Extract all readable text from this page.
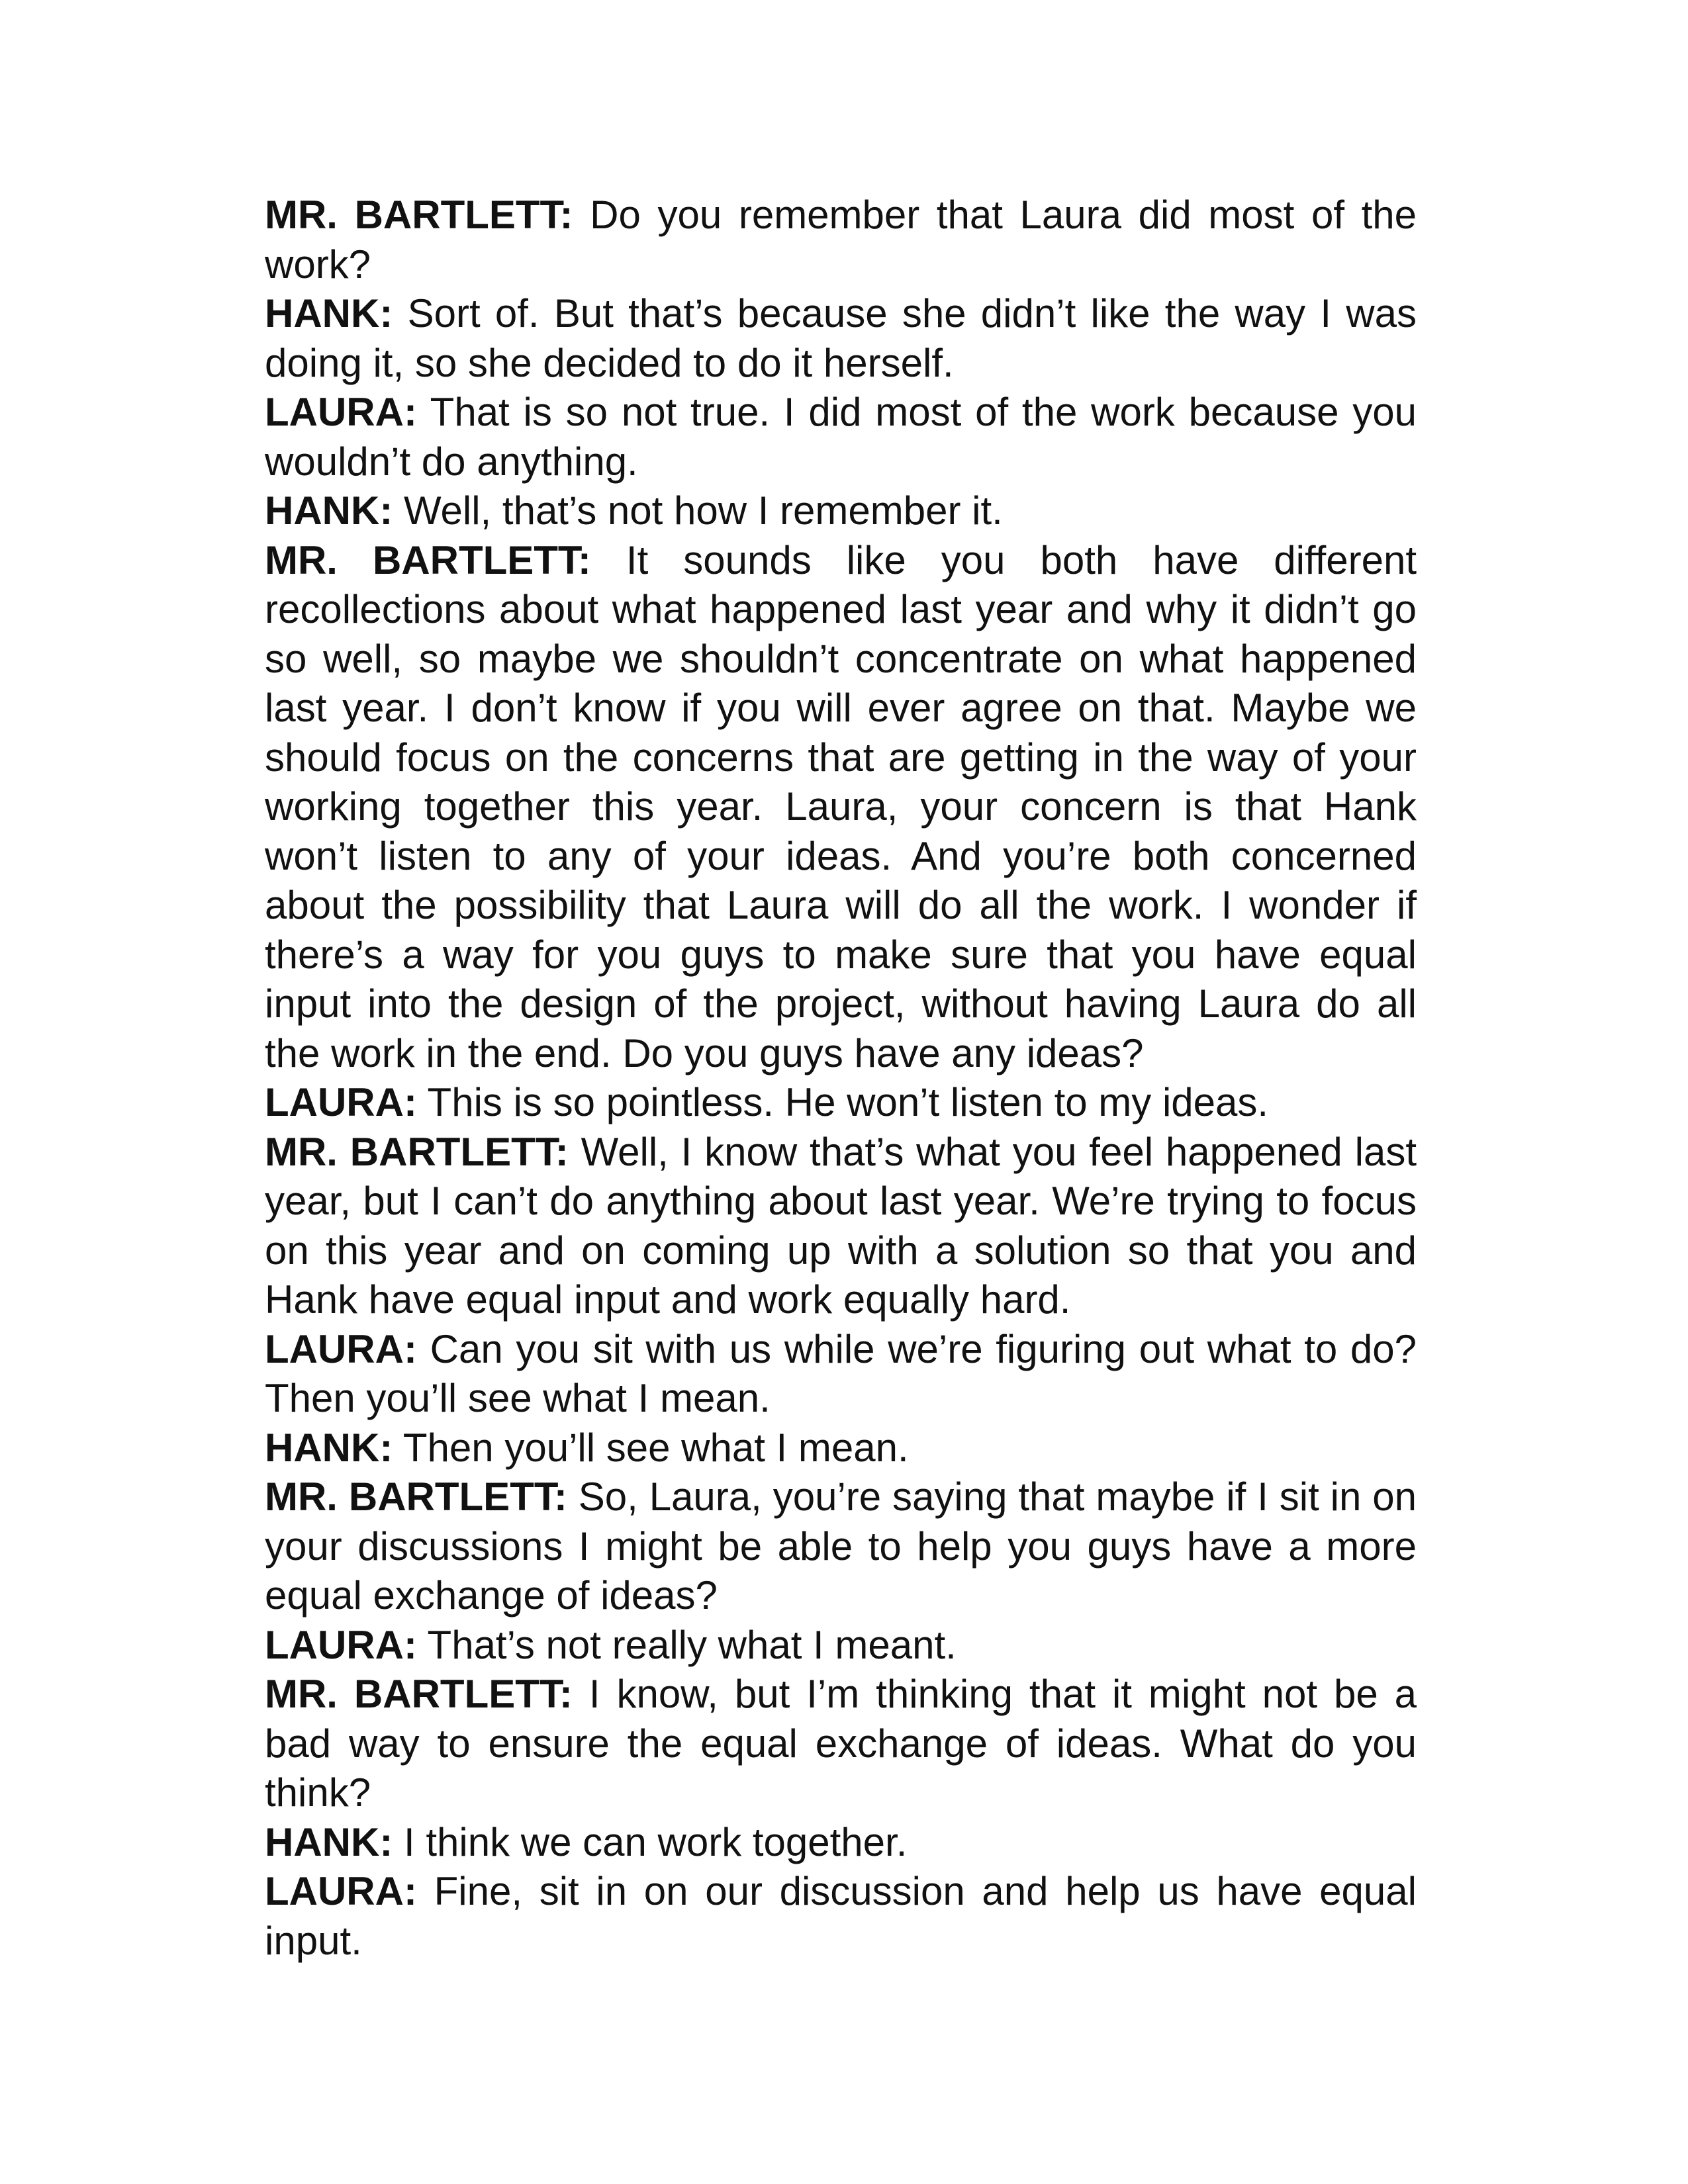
MR. BARTLETT: Do you remember that Laura did most of the work?

HANK: Sort of. But that’s because she didn’t like the way I was doing it, so she decided to do it herself.

LAURA: That is so not true. I did most of the work because you wouldn’t do anything.

HANK: Well, that’s not how I remember it.

MR. BARTLETT: It sounds like you both have different recollections about what happened last year and why it didn’t go so well, so maybe we shouldn’t concentrate on what happened last year. I don’t know if you will ever agree on that. Maybe we should focus on the concerns that are getting in the way of your working together this year. Laura, your concern is that Hank won’t listen to any of your ideas. And you’re both concerned about the possibility that Laura will do all the work. I wonder if there’s a way for you guys to make sure that you have equal input into the design of the project, without having Laura do all the work in the end. Do you guys have any ideas?

LAURA: This is so pointless. He won’t listen to my ideas.

MR. BARTLETT: Well, I know that’s what you feel happened last year, but I can’t do anything about last year. We’re trying to focus on this year and on coming up with a solution so that you and Hank have equal input and work equally hard.

LAURA: Can you sit with us while we’re figuring out what to do? Then you’ll see what I mean.

HANK: Then you’ll see what I mean.

MR. BARTLETT: So, Laura, you’re saying that maybe if I sit in on your discussions I might be able to help you guys have a more equal exchange of ideas?

LAURA: That’s not really what I meant.

MR. BARTLETT: I know, but I’m thinking that it might not be a bad way to ensure the equal exchange of ideas. What do you think?

HANK: I think we can work together.

LAURA: Fine, sit in on our discussion and help us have equal input.
